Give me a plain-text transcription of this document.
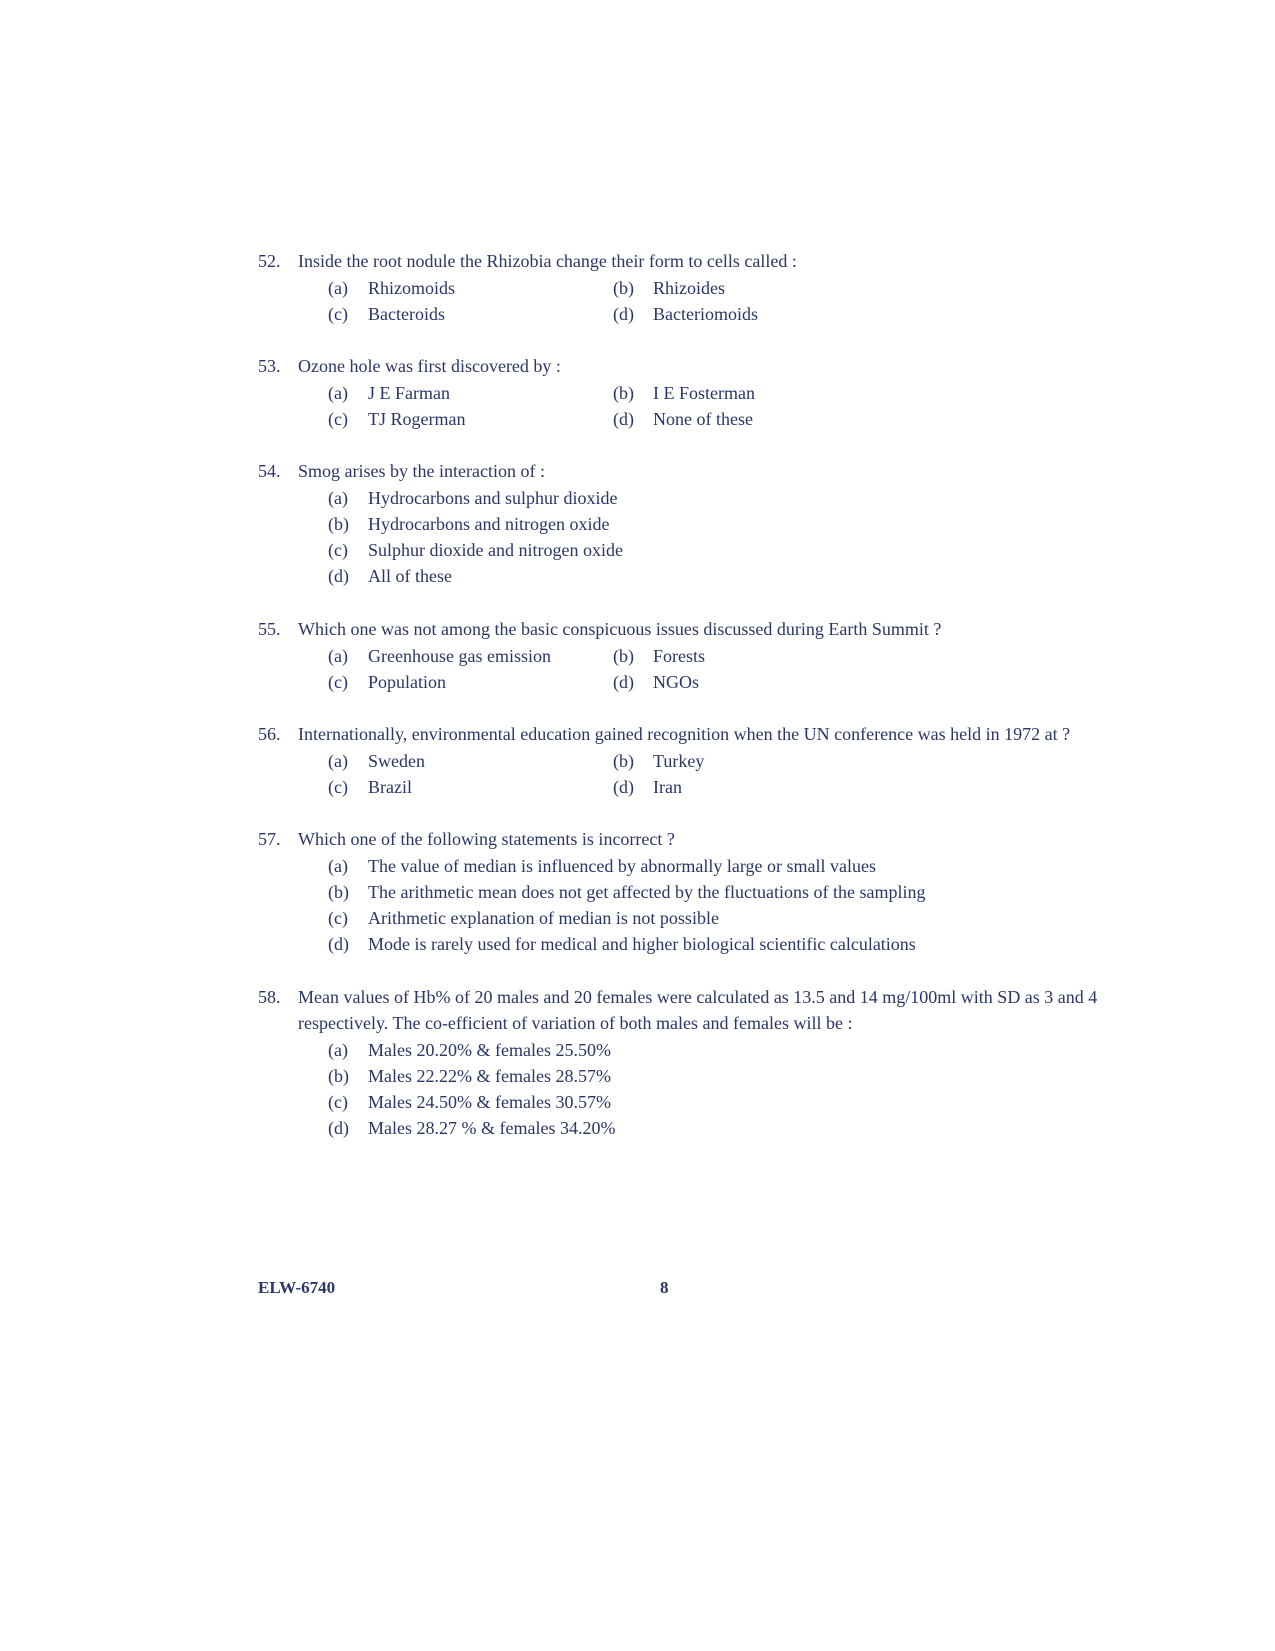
52. Inside the root nodule the Rhizobia change their form to cells called :
(a)	Rhizomoids	(b)	Rhizoides
(c)	Bacteroids	(d)	Bacteriomoids
53. Ozone hole was first discovered by :
(a)	J E Farman	(b)	I E Fosterman
(c)	TJ Rogerman	(d)	None of these
54. Smog arises by the interaction of :
(a)	Hydrocarbons and sulphur dioxide
(b)	Hydrocarbons and nitrogen oxide
(c)	Sulphur dioxide and nitrogen oxide
(d)	All of these
55. Which one was not among the basic conspicuous issues discussed during Earth Summit ?
(a)	Greenhouse gas emission	(b)	Forests
(c)	Population	(d)	NGOs
56. Internationally, environmental education gained recognition when the UN conference was held in 1972 at ?
(a)	Sweden	(b)	Turkey
(c)	Brazil	(d)	Iran
57. Which one of the following statements is incorrect ?
(a)	The value of median is influenced by abnormally large or small values
(b)	The arithmetic mean does not get affected by the fluctuations of the sampling
(c)	Arithmetic explanation of median is not possible
(d)	Mode is rarely used for medical and higher biological scientific calculations
58. Mean values of Hb% of 20 males and 20 females were calculated as 13.5 and 14 mg/100ml with SD as 3 and 4 respectively. The co-efficient of variation of both males and females will be :
(a)	Males 20.20% & females 25.50%
(b)	Males 22.22% & females 28.57%
(c)	Males 24.50% & females 30.57%
(d)	Males 28.27 % & females 34.20%
ELW-6740	8
